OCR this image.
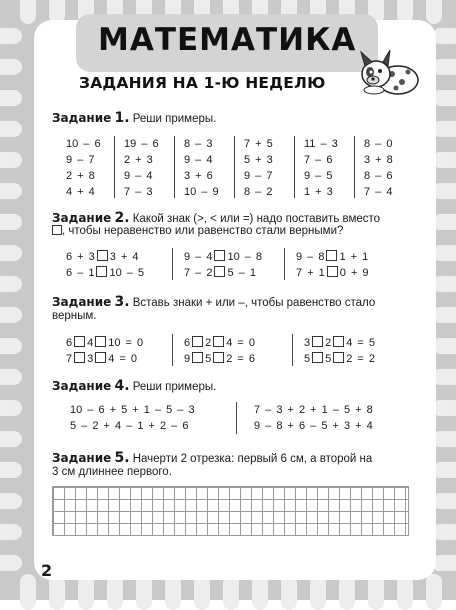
МАТЕМАТИКА
ЗАДАНИЯ НА 1-Ю НЕДЕЛЮ
Задание 1. Реши примеры.
10 – 6
9 – 7
2 + 8
4 + 4
19 – 6
2 + 3
9 – 4
7 – 3
8 – 3
9 – 4
3 + 6
10 – 9
7 + 5
5 + 3
9 – 7
8 – 2
11 – 3
7 – 6
9 – 5
1 + 3
8 – 0
3 + 8
8 – 6
7 – 4
Задание 2. Какой знак (>, < или =) надо поставить вместо
, чтобы неравенство или равенство стали верными?
6 + 3 3 + 4
6 – 1 10 – 5
9 – 4 10 – 8
7 – 2 5 – 1
9 – 8 1 + 1
7 + 1 0 + 9
Задание 3. Вставь знаки + или –, чтобы равенство стало
верным.
6 4 10 = 0
7 3 4 = 0
6 2 4 = 0
9 5 2 = 6
3 2 4 = 5
5 5 2 = 2
Задание 4. Реши примеры.
10 – 6 + 5 + 1 – 5 – 3
5 – 2 + 4 – 1 + 2 – 6
7 – 3 + 2 + 1 – 5 + 8
9 – 8 + 6 – 5 + 3 + 4
Задание 5. Начерти 2 отрезка: первый 6 см, а второй на
3 см длиннее первого.
2
